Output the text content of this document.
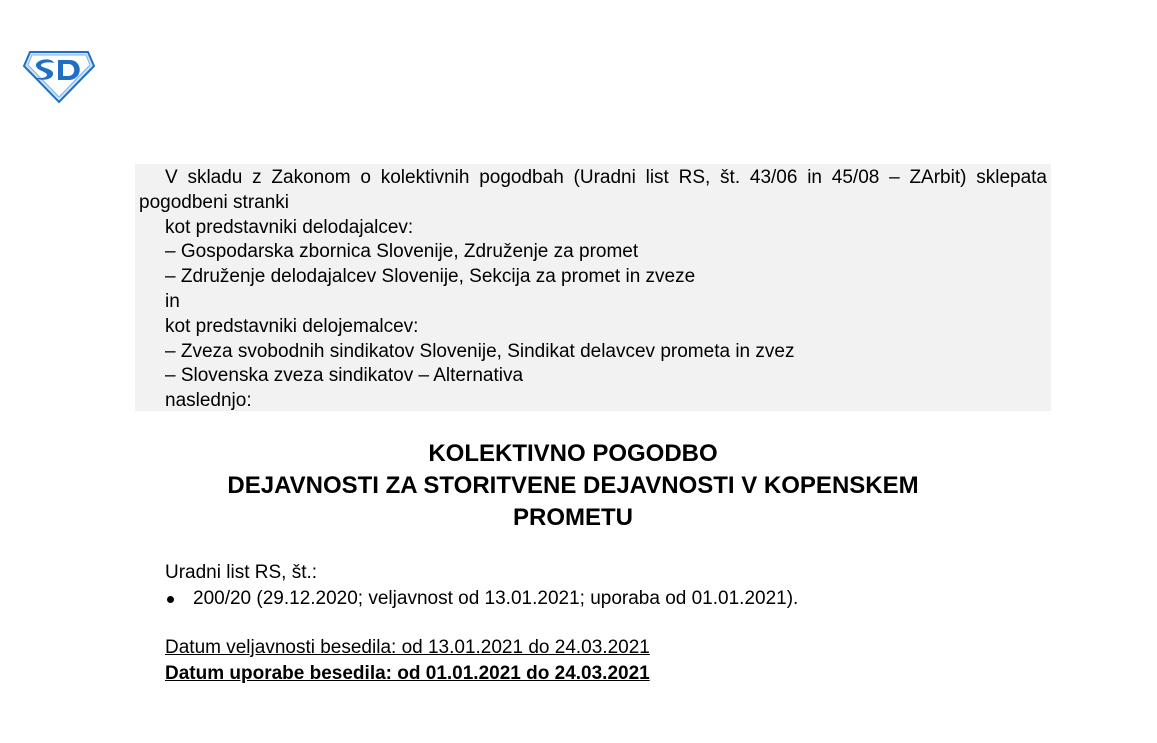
V skladu z Zakonom o kolektivnih pogodbah (Uradni list RS, št. 43/06 in 45/08 – ZArbit) sklepata pogodbeni stranki

kot predstavniki delodajalcev:

– Gospodarska zbornica Slovenije, Združenje za promet

– Združenje delodajalcev Slovenije, Sekcija za promet in zveze

in

kot predstavniki delojemalcev:

– Zveza svobodnih sindikatov Slovenije, Sindikat delavcev prometa in zvez

– Slovenska zveza sindikatov – Alternativa

naslednjo:

KOLEKTIVNO POGODBO
DEJAVNOSTI ZA STORITVENE DEJAVNOSTI V KOPENSKEM
PROMETU

Uradni list RS, št.:

200/20 (29.12.2020; veljavnost od 13.01.2021; uporaba od 01.01.2021).

Datum veljavnosti besedila: od 13.01.2021 do 24.03.2021

Datum uporabe besedila: od 01.01.2021 do 24.03.2021
